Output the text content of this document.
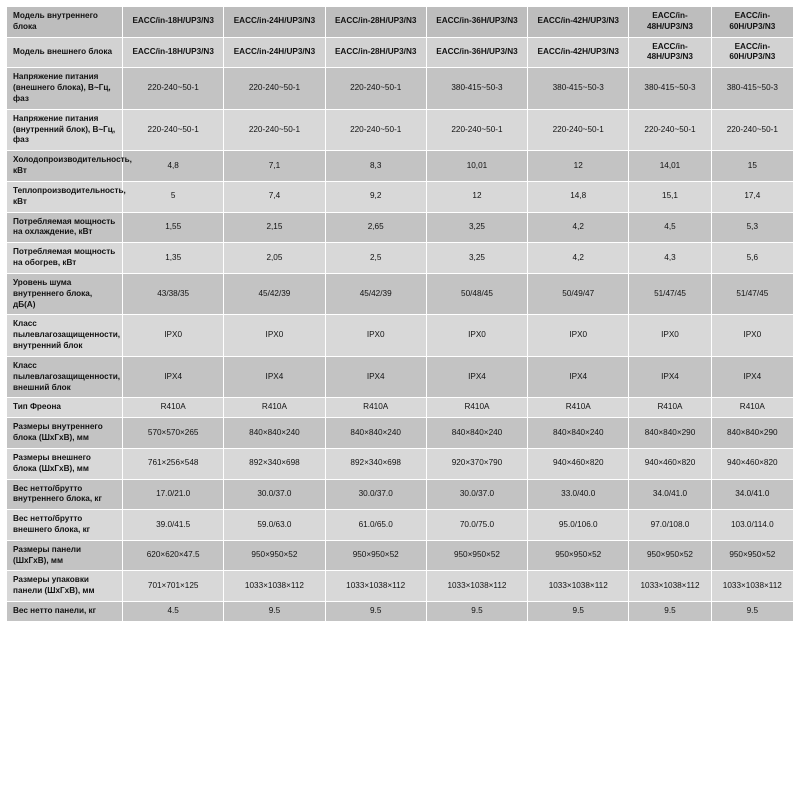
Модель внутреннего блока	EACC/in-18H/UP3/N3	EACC/in-24H/UP3/N3	EACC/in-28H/UP3/N3	EACC/in-36H/UP3/N3	EACC/in-42H/UP3/N3	EACC/in-48H/UP3/N3	EACC/in-60H/UP3/N3
Модель внешнего блока	EACC/in-18H/UP3/N3	EACC/in-24H/UP3/N3	EACC/in-28H/UP3/N3	EACC/in-36H/UP3/N3	EACC/in-42H/UP3/N3	EACC/in-48H/UP3/N3	EACC/in-60H/UP3/N3
Напряжение питания (внешнего блока), В~Гц, фаз	220-240~50-1	220-240~50-1	220-240~50-1	380-415~50-3	380-415~50-3	380-415~50-3	380-415~50-3
Напряжение питания (внутренний блок), В~Гц, фаз	220-240~50-1	220-240~50-1	220-240~50-1	220-240~50-1	220-240~50-1	220-240~50-1	220-240~50-1
Холодопроизводительность, кВт	4,8	7,1	8,3	10,01	12	14,01	15
Теплопроизводительность, кВт	5	7,4	9,2	12	14,8	15,1	17,4
Потребляемая мощность на охлаждение, кВт	1,55	2,15	2,65	3,25	4,2	4,5	5,3
Потребляемая мощность на обогрев, кВт	1,35	2,05	2,5	3,25	4,2	4,3	5,6
Уровень шума внутреннего блока, дБ(А)	43/38/35	45/42/39	45/42/39	50/48/45	50/49/47	51/47/45	51/47/45
Класс пылевлагозащищенности, внутренний блок	IPX0	IPX0	IPX0	IPX0	IPX0	IPX0	IPX0
Класс пылевлагозащищенности, внешний блок	IPX4	IPX4	IPX4	IPX4	IPX4	IPX4	IPX4
Тип Фреона	R410A	R410A	R410A	R410A	R410A	R410A	R410A
Размеры внутреннего блока (ШхГхВ), мм	570×570×265	840×840×240	840×840×240	840×840×240	840×840×240	840×840×290	840×840×290
Размеры внешнего блока (ШхГхВ), мм	761×256×548	892×340×698	892×340×698	920×370×790	940×460×820	940×460×820	940×460×820
Вес нетто/брутто внутреннего блока, кг	17.0/21.0	30.0/37.0	30.0/37.0	30.0/37.0	33.0/40.0	34.0/41.0	34.0/41.0
Вес нетто/брутто внешнего блока, кг	39.0/41.5	59.0/63.0	61.0/65.0	70.0/75.0	95.0/106.0	97.0/108.0	103.0/114.0
Размеры панели (ШхГхВ), мм	620×620×47.5	950×950×52	950×950×52	950×950×52	950×950×52	950×950×52	950×950×52
Размеры упаковки панели (ШхГхВ), мм	701×701×125	1033×1038×112	1033×1038×112	1033×1038×112	1033×1038×112	1033×1038×112	1033×1038×112
Вес нетто панели, кг	4.5	9.5	9.5	9.5	9.5	9.5	9.5
